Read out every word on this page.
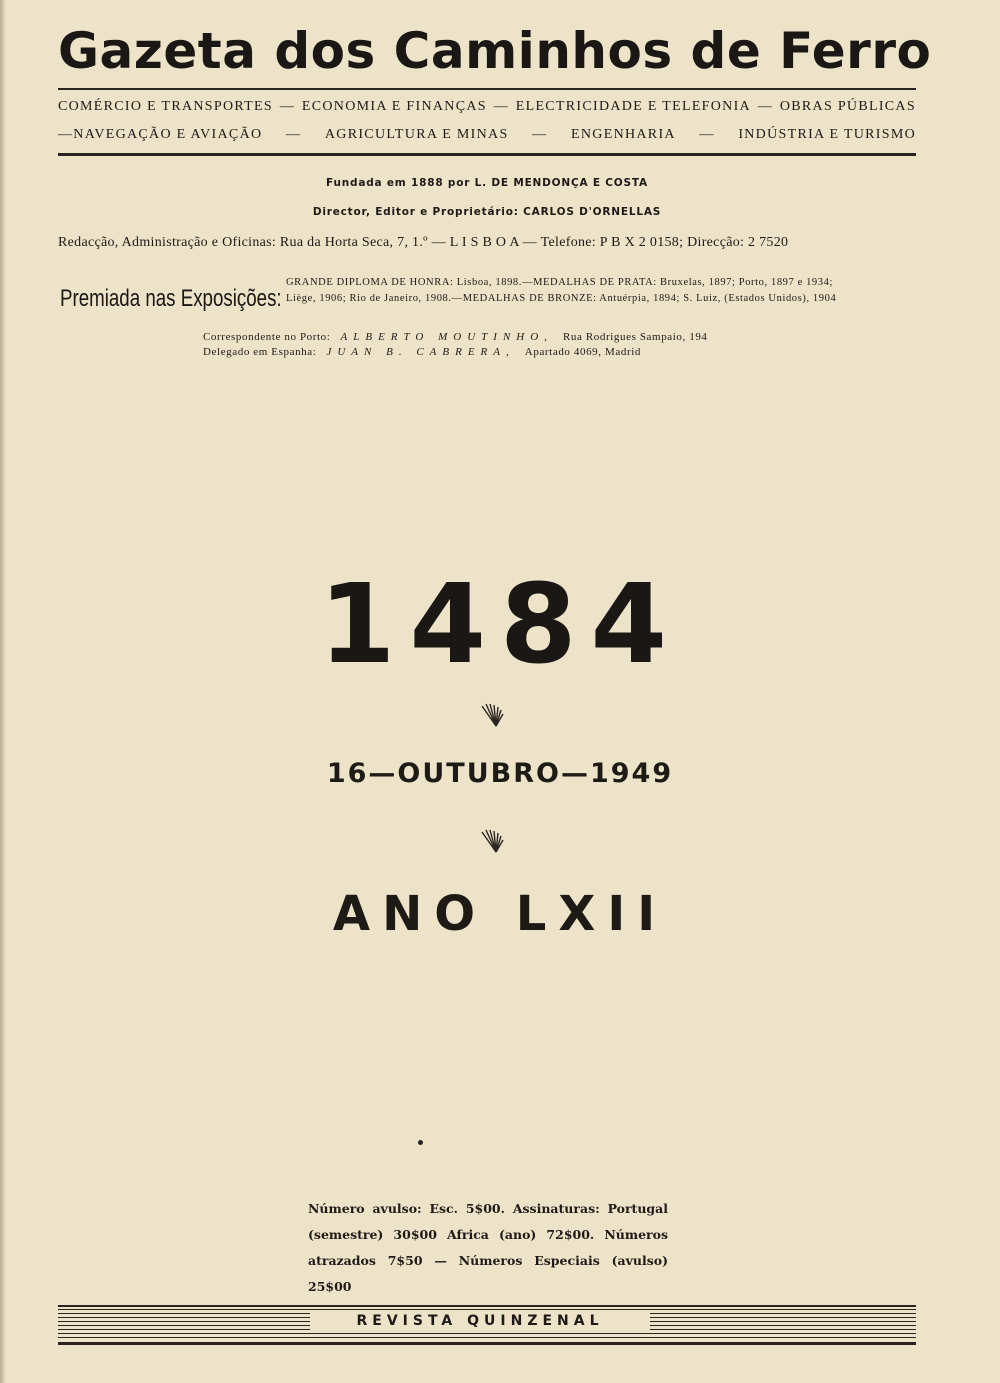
Gazeta dos Caminhos de Ferro
COMÉRCIO E TRANSPORTES — ECONOMIA E FINANÇAS — ELECTRICIDADE E TELEFONIA — OBRAS PÚBLICAS
—NAVEGAÇÃO E AVIAÇÃO — AGRICULTURA E MINAS — ENGENHARIA — INDÚSTRIA E TURISMO
Fundada em 1888 por L. DE MENDONÇA E COSTA
Director, Editor e Proprietário: CARLOS D'ORNELLAS
Redacção, Administração e Oficinas: Rua da Horta Seca, 7, 1.º — L I S B O A — Telefone: P B X 2 0158; Direcção: 2 7520
Premiada nas Exposições:
GRANDE DIPLOMA DE HONRA: Lisboa, 1898.—MEDALHAS DE PRATA: Bruxelas, 1897; Porto, 1897 e 1934;
Liège, 1906; Rio de Janeiro, 1908.—MEDALHAS DE BRONZE: Antuérpia, 1894; S. Luiz, (Estados Unidos), 1904
Correspondente no Porto: ALBERTO MOUTINHO, Rua Rodrigues Sampaio, 194
Delegado em Espanha: JUAN B. CABRERA, Apartado 4069, Madrid
1484
16—OUTUBRO—1949
ANO LXII
Número avulso: Esc. 5$00. Assinaturas: Portugal (semestre) 30$00 Africa (ano) 72$00. Números atrazados 7$50 — Números Especiais (avulso) 25$00
REVISTA QUINZENAL
